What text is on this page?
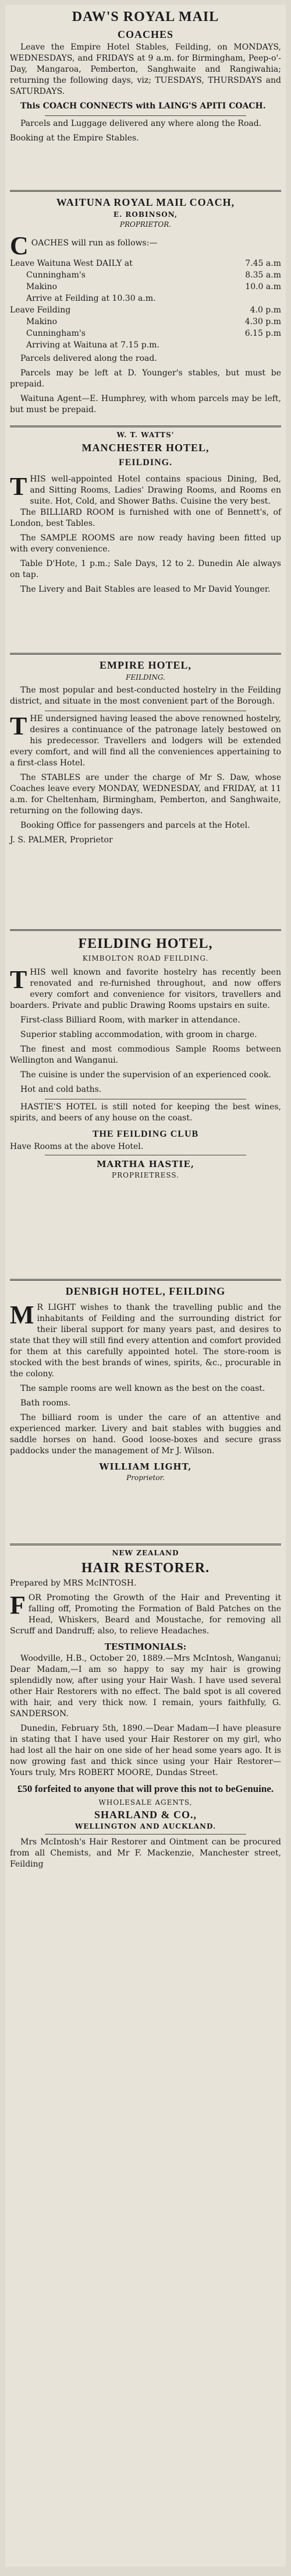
DAW'S ROYAL MAIL
COACHES

Leave the Empire Hotel Stables, Feilding, on MONDAYS, WEDNESDAYS, and FRIDAYS at 9 a.m. for Birmingham, Peep-o'-Day, Mangaroa, Pemberton, Sanghwaite and Rangiwahia; returning the following days, viz; TUESDAYS, THURSDAYS and SATURDAYS.

This COACH CONNECTS with LAING'S APITI COACH.

Parcels and Luggage delivered any where along the Road.

Booking at the Empire Stables.

WAITUNA ROYAL MAIL COACH,
E. ROBINSON,
PROPRIETOR.
C OACHES will run as follows:—

Leave Waituna West DAILY at	7.45 a.m
Cunningham's	8.35 a.m
Makino	10.0 a.m
Arrive at Feilding at 10.30 a.m.
Leave Feilding	4.0 p.m
Makino	4.30 p.m
Cunningham's	6.15 p.m
Arriving at Waituna at 7.15 p.m.

Parcels delivered along the road.

Parcels may be left at D. Younger's stables, but must be prepaid.

Waituna Agent—E. Humphrey, with whom parcels may be left, but must be prepaid.

W. T. WATTS'
MANCHESTER HOTEL,
FEILDING.
T HIS well-appointed Hotel contains spacious Dining, Bed, and Sitting Rooms, Ladies' Drawing Rooms, and Rooms en suite. Hot, Cold, and Shower Baths. Cuisine the very best.

The BILLIARD ROOM is furnished with one of Bennett's, of London, best Tables.

The SAMPLE ROOMS are now ready having been fitted up with every convenience.

Table D'Hote, 1 p.m.; Sale Days, 12 to 2. Dunedin Ale always on tap.

The Livery and Bait Stables are leased to Mr David Younger.

EMPIRE HOTEL,
FEILDING.

The most popular and best-conducted hostelry in the Feilding district, and situate in the most convenient part of the Borough.

T HE undersigned having leased the above renowned hostelry, desires a continuance of the patronage lately bestowed on his predecessor. Travellers and lodgers will be extended every comfort, and will find all the conveniences appertaining to a first-class Hotel.

The STABLES are under the charge of Mr S. Daw, whose Coaches leave every MONDAY, WEDNESDAY, and FRIDAY, at 11 a.m. for Cheltenham, Birmingham, Pemberton, and Sanghwaite, returning on the following days.

Booking Office for passengers and parcels at the Hotel.

J. S. PALMER, Proprietor
FEILDING HOTEL,
KIMBOLTON ROAD FEILDING.
T HIS well known and favorite hostelry has recently been renovated and re-furnished throughout, and now offers every comfort and convenience for visitors, travellers and boarders. Private and public Drawing Rooms upstairs en suite.

First-class Billiard Room, with marker in attendance.

Superior stabling accommodation, with groom in charge.

The finest and most commodious Sample Rooms between Wellington and Wanganui.

The cuisine is under the supervision of an experienced cook.

Hot and cold baths.

HASTIE'S HOTEL is still noted for keeping the best wines, spirits, and beers of any house on the coast.

THE FEILDING CLUB
Have Rooms at the above Hotel.
MARTHA HASTIE,
PROPRIETRESS.
DENBIGH HOTEL, FEILDING
M R LIGHT wishes to thank the travelling public and the inhabitants of Feilding and the surrounding district for their liberal support for many years past, and desires to state that they will still find every attention and comfort provided for them at this carefully appointed hotel. The store-room is stocked with the best brands of wines, spirits, &c., procurable in the colony.

The sample rooms are well known as the best on the coast.

Bath rooms.

The billiard room is under the care of an attentive and experienced marker. Livery and bait stables with buggies and saddle horses on hand. Good loose-boxes and secure grass paddocks under the management of Mr J. Wilson.

WILLIAM LIGHT,
Proprietor.
NEW ZEALAND
HAIR RESTORER.
Prepared by MRS McINTOSH.
F OR Promoting the Growth of the Hair and Preventing it falling off, Promoting the Formation of Bald Patches on the Head, Whiskers, Beard and Moustache, for removing all Scruff and Dandruff; also, to relieve Headaches.

TESTIMONIALS:

Woodville, H.B., October 20, 1889.—Mrs McIntosh, Wanganui; Dear Madam,—I am so happy to say my hair is growing splendidly now, after using your Hair Wash. I have used several other Hair Restorers with no effect. The bald spot is all covered with hair, and very thick now. I remain, yours faithfully, G. SANDERSON.

Dunedin, February 5th, 1890.—Dear Madam—I have pleasure in stating that I have used your Hair Restorer on my girl, who had lost all the hair on one side of her head some years ago. It is now growing fast and thick since using your Hair Restorer—Yours truly, Mrs ROBERT MOORE, Dundas Street.

£50 forfeited to anyone that will prove this not to beGenuine.
WHOLESALE AGENTS,
SHARLAND & CO.,
WELLINGTON AND AUCKLAND.

Mrs McIntosh's Hair Restorer and Ointment can be procured from all Chemists, and Mr F. Mackenzie, Manchester street, Feilding
